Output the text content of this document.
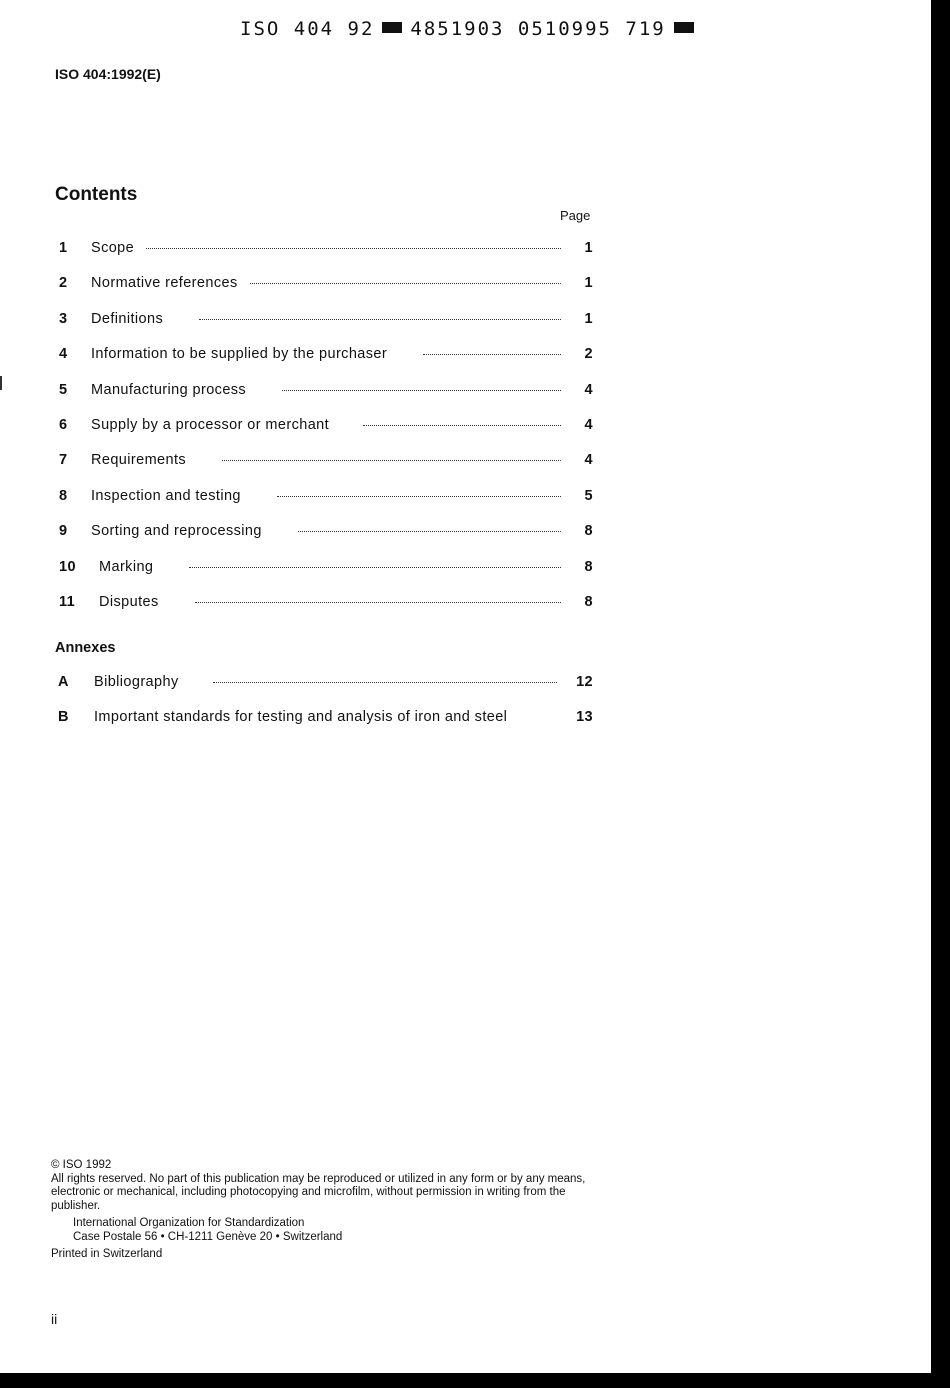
ISO 404 92 4851903 0510995 719
ISO 404:1992(E)
Contents
Page
1	Scope	1
2	Normative references	1
3	Definitions	1
4	Information to be supplied by the purchaser	2
5	Manufacturing process	4
6	Supply by a processor or merchant	4
7	Requirements	4
8	Inspection and testing	5
9	Sorting and reprocessing	8
10	Marking	8
11	Disputes	8
Annexes
A	Bibliography	12
B	Important standards for testing and analysis of iron and steel	13

© ISO 1992

All rights reserved. No part of this publication may be reproduced or utilized in any form or by any means, electronic or mechanical, including photocopying and microfilm, without permission in writing from the publisher.

International Organization for Standardization

Case Postale 56 • CH-1211 Genève 20 • Switzerland

Printed in Switzerland

ii
